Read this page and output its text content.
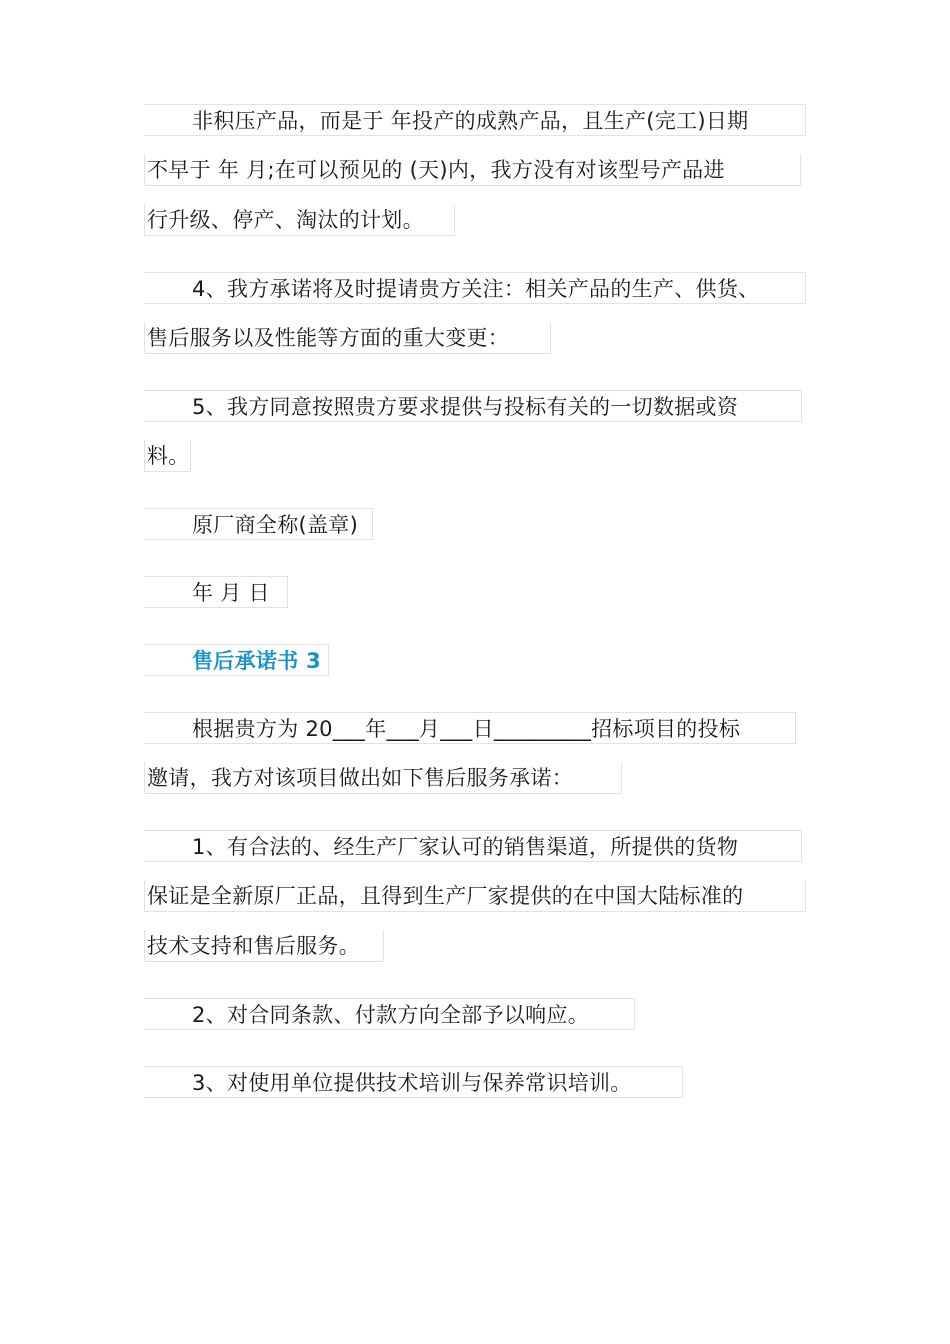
非积压产品，而是于 年投产的成熟产品，且生产(完工)日期
不早于 年 月;在可以预见的 (天)内，我方没有对该型号产品进
行升级、停产、淘汰的计划。
4、我方承诺将及时提请贵方关注：相关产品的生产、供货、
售后服务以及性能等方面的重大变更：
5、我方同意按照贵方要求提供与投标有关的一切数据或资
料。
原厂商全称(盖章)
年 月 日
售后承诺书 3
根据贵方为 20___年___月___日_________招标项目的投标
邀请，我方对该项目做出如下售后服务承诺：
1、有合法的、经生产厂家认可的销售渠道，所提供的货物
保证是全新原厂正品，且得到生产厂家提供的在中国大陆标准的
技术支持和售后服务。
2、对合同条款、付款方向全部予以响应。
3、对使用单位提供技术培训与保养常识培训。
